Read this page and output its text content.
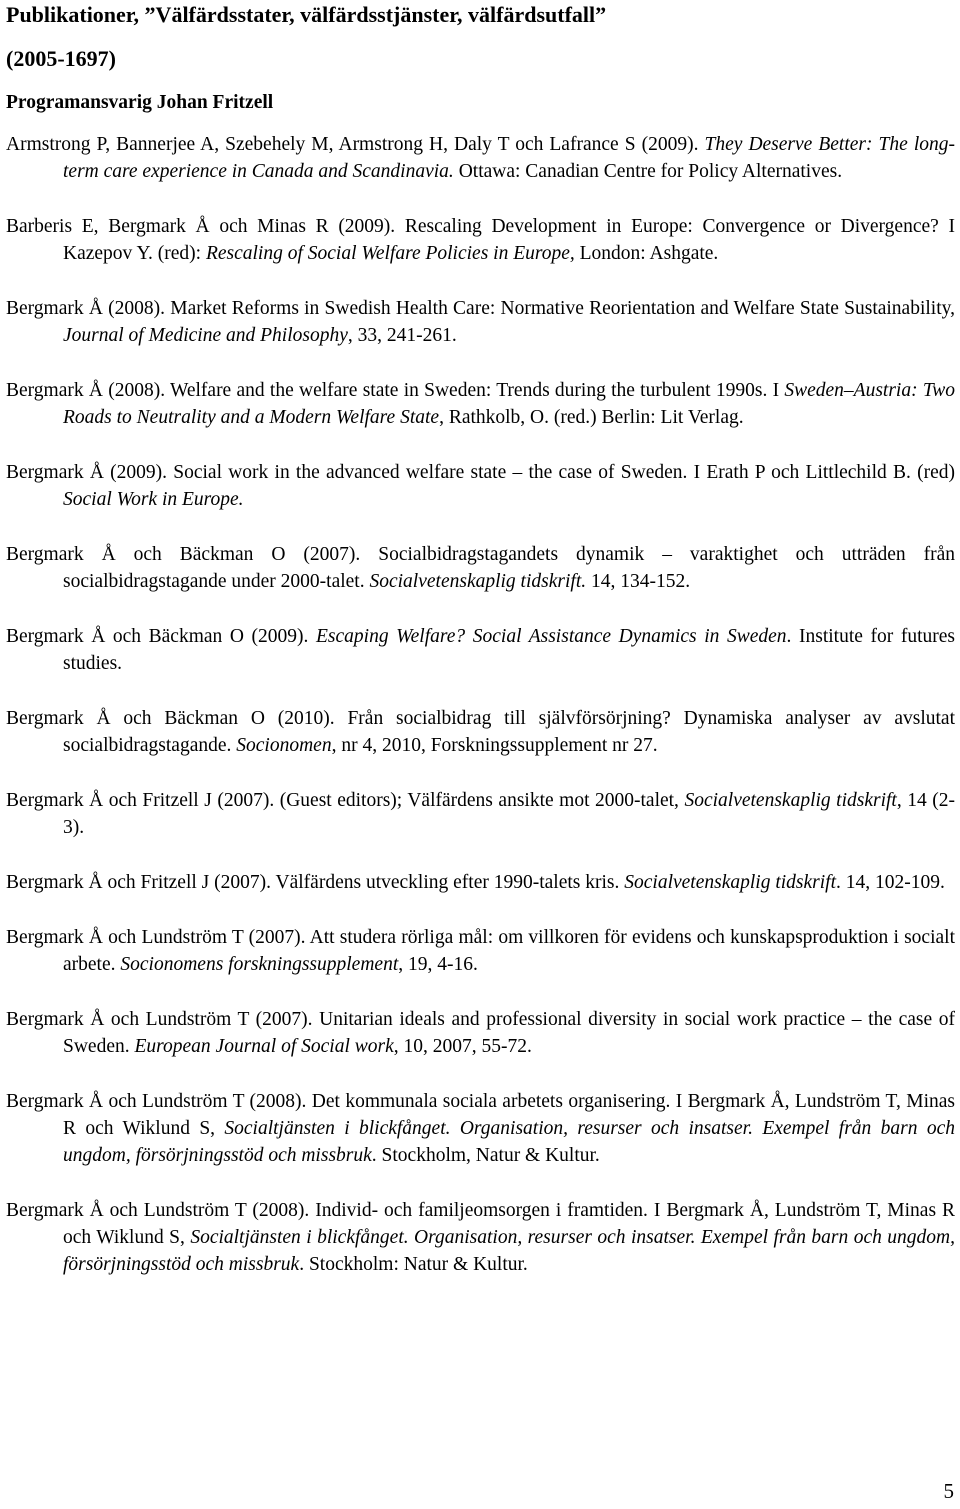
Publikationer, ”Välfärdsstater, välfärdsstjänster, välfärdsutfall”
(2005-1697)

Programansvarig Johan Fritzell

Armstrong P, Bannerjee A, Szebehely M, Armstrong H, Daly T och Lafrance S (2009). They Deserve Better: The long-term care experience in Canada and Scandinavia. Ottawa: Canadian Centre for Policy Alternatives.

Barberis E, Bergmark Å och Minas R (2009). Rescaling Development in Europe: Convergence or Divergence? I Kazepov Y. (red): Rescaling of Social Welfare Policies in Europe, London: Ashgate.

Bergmark Å (2008). Market Reforms in Swedish Health Care: Normative Reorientation and Welfare State Sustainability, Journal of Medicine and Philosophy, 33, 241-261.

Bergmark Å (2008). Welfare and the welfare state in Sweden: Trends during the turbulent 1990s. I Sweden–Austria: Two Roads to Neutrality and a Modern Welfare State, Rathkolb, O. (red.) Berlin: Lit Verlag.

Bergmark Å (2009). Social work in the advanced welfare state – the case of Sweden. I Erath P och Littlechild B. (red) Social Work in Europe.

Bergmark Å och Bäckman O (2007). Socialbidragstagandets dynamik – varaktighet och utträden från socialbidragstagande under 2000-talet. Socialvetenskaplig tidskrift. 14, 134-152.

Bergmark Å och Bäckman O (2009). Escaping Welfare? Social Assistance Dynamics in Sweden. Institute for futures studies.

Bergmark Å och Bäckman O (2010). Från socialbidrag till självförsörjning? Dynamiska analyser av avslutat socialbidragstagande. Socionomen, nr 4, 2010, Forskningssupplement nr 27.

Bergmark Å och Fritzell J (2007). (Guest editors); Välfärdens ansikte mot 2000-talet, Socialvetenskaplig tidskrift, 14 (2-3).

Bergmark Å och Fritzell J (2007). Välfärdens utveckling efter 1990-talets kris. Socialvetenskaplig tidskrift. 14, 102-109.

Bergmark Å och Lundström T (2007). Att studera rörliga mål: om villkoren för evidens och kunskapsproduktion i socialt arbete. Socionomens forskningssupplement, 19, 4-16.

Bergmark Å och Lundström T (2007). Unitarian ideals and professional diversity in social work practice – the case of Sweden. European Journal of Social work, 10, 2007, 55-72.

Bergmark Å och Lundström T (2008). Det kommunala sociala arbetets organisering. I Bergmark Å, Lundström T, Minas R och Wiklund S, Socialtjänsten i blickfånget. Organisation, resurser och insatser. Exempel från barn och ungdom, försörjningsstöd och missbruk. Stockholm, Natur & Kultur.

Bergmark Å och Lundström T (2008). Individ- och familjeomsorgen i framtiden. I Bergmark Å, Lundström T, Minas R och Wiklund S, Socialtjänsten i blickfånget. Organisation, resurser och insatser. Exempel från barn och ungdom, försörjningsstöd och missbruk. Stockholm: Natur & Kultur.

5
